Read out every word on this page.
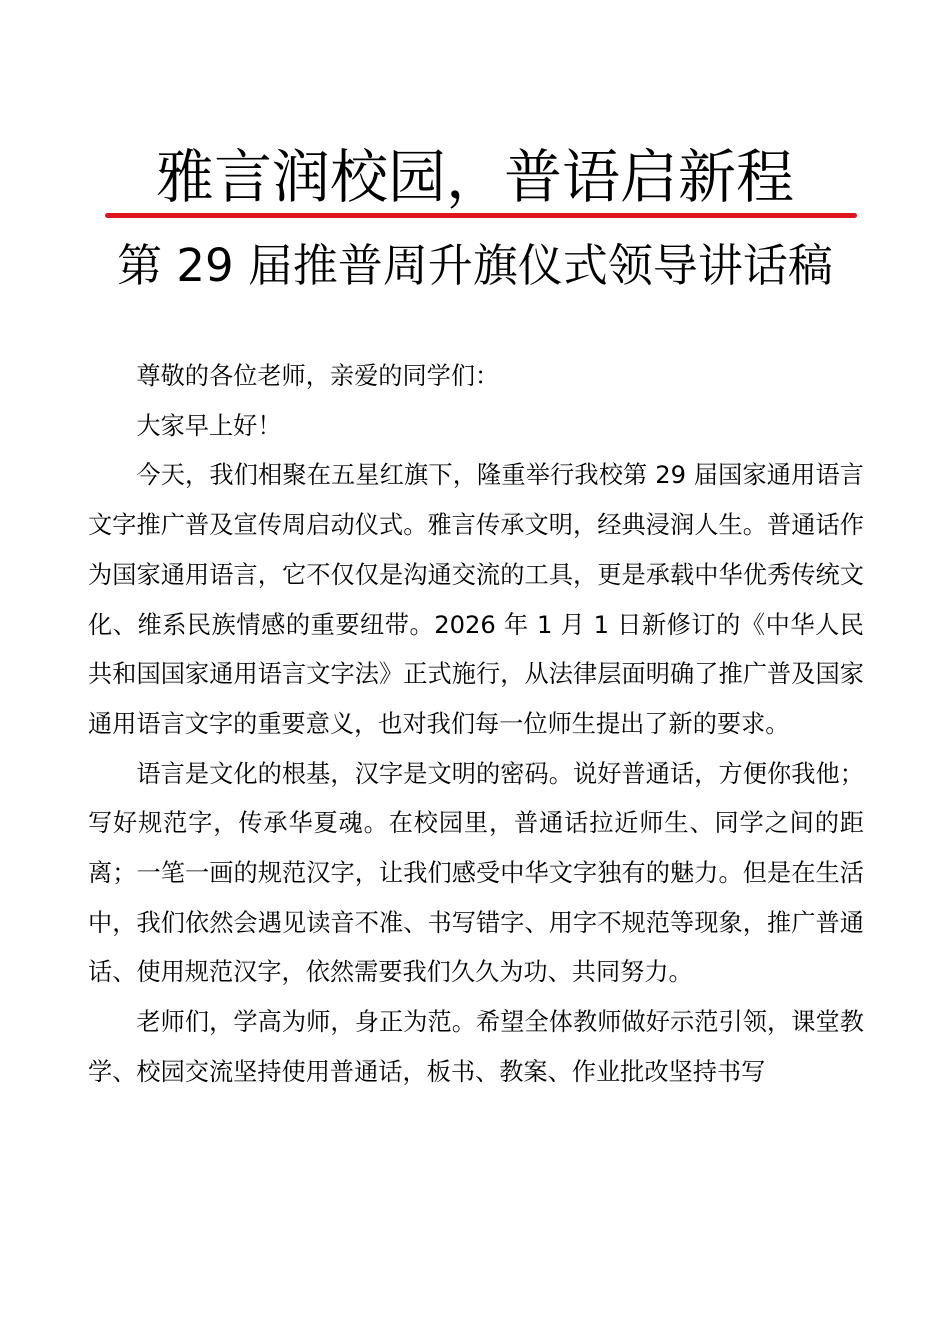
雅言润校园，普语启新程
第 29 届推普周升旗仪式领导讲话稿

尊敬的各位老师，亲爱的同学们：

大家早上好！

今天，我们相聚在五星红旗下，隆重举行我校第 29 届国家通用语言文字推广普及宣传周启动仪式。雅言传承文明，经典浸润人生。普通话作为国家通用语言，它不仅仅是沟通交流的工具，更是承载中华优秀传统文化、维系民族情感的重要纽带。2026 年 1 月 1 日新修订的《中华人民共和国国家通用语言文字法》正式施行，从法律层面明确了推广普及国家通用语言文字的重要意义，也对我们每一位师生提出了新的要求。

语言是文化的根基，汉字是文明的密码。说好普通话，方便你我他；写好规范字，传承华夏魂。在校园里，普通话拉近师生、同学之间的距离；一笔一画的规范汉字，让我们感受中华文字独有的魅力。但是在生活中，我们依然会遇见读音不准、书写错字、用字不规范等现象，推广普通话、使用规范汉字，依然需要我们久久为功、共同努力。

老师们，学高为师，身正为范。希望全体教师做好示范引领，课堂教学、校园交流坚持使用普通话，板书、教案、作业批改坚持书写
